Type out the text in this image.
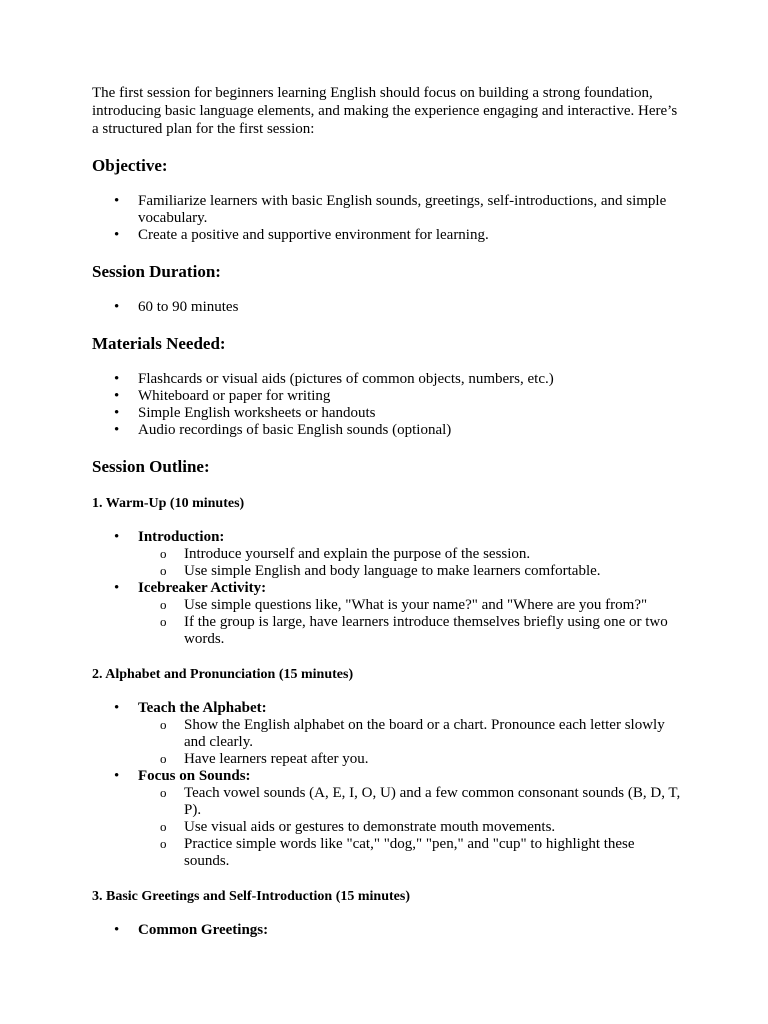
The first session for beginners learning English should focus on building a strong foundation, introducing basic language elements, and making the experience engaging and interactive. Here’s a structured plan for the first session:

Objective:
• Familiarize learners with basic English sounds, greetings, self-introductions, and simple vocabulary.
• Create a positive and supportive environment for learning.
Session Duration:
• 60 to 90 minutes
Materials Needed:
• Flashcards or visual aids (pictures of common objects, numbers, etc.)
• Whiteboard or paper for writing
• Simple English worksheets or handouts
• Audio recordings of basic English sounds (optional)
Session Outline:
1. Warm-Up (10 minutes)
• Introduction:
o Introduce yourself and explain the purpose of the session.
o Use simple English and body language to make learners comfortable.
• Icebreaker Activity:
o Use simple questions like, "What is your name?" and "Where are you from?"
o If the group is large, have learners introduce themselves briefly using one or two words.
2. Alphabet and Pronunciation (15 minutes)
• Teach the Alphabet:
o Show the English alphabet on the board or a chart. Pronounce each letter slowly and clearly.
o Have learners repeat after you.
• Focus on Sounds:
o Teach vowel sounds (A, E, I, O, U) and a few common consonant sounds (B, D, T, P).
o Use visual aids or gestures to demonstrate mouth movements.
o Practice simple words like "cat," "dog," "pen," and "cup" to highlight these sounds.
3. Basic Greetings and Self-Introduction (15 minutes)
• Common Greetings:
